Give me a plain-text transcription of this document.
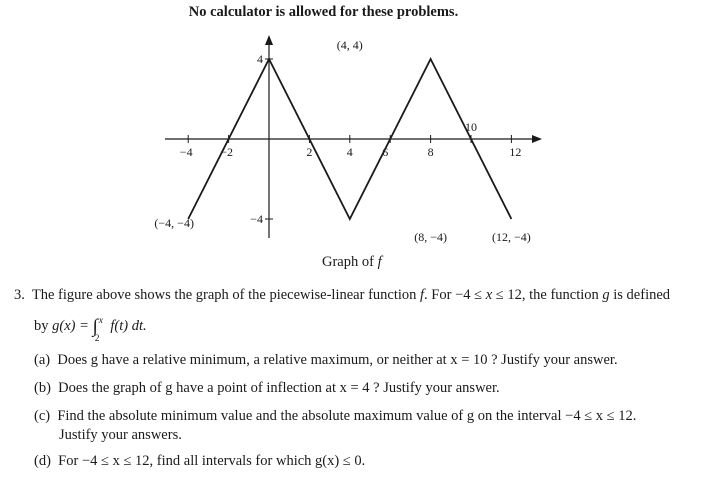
No calculator is allowed for these problems.
−4 −2	2	4 6	8
10
12
4
−4
(−4, −4)
(4, 4)
(8, −4)	(12, −4)
Graph of f
3. The figure above shows the graph of the piecewise-linear function f. For −4 ≤ x ≤ 12, the function g is defined
by g(x) = ∫ x
2
f(t) dt.
(a) Does g have a relative minimum, a relative maximum, or neither at x = 10 ? Justify your answer.
(b) Does the graph of g have a point of inflection at x = 4 ? Justify your answer.
(c) Find the absolute minimum value and the absolute maximum value of g on the interval −4 ≤ x ≤ 12.
Justify your answers.
(d) For −4 ≤ x ≤ 12, find all intervals for which g(x) ≤ 0.
